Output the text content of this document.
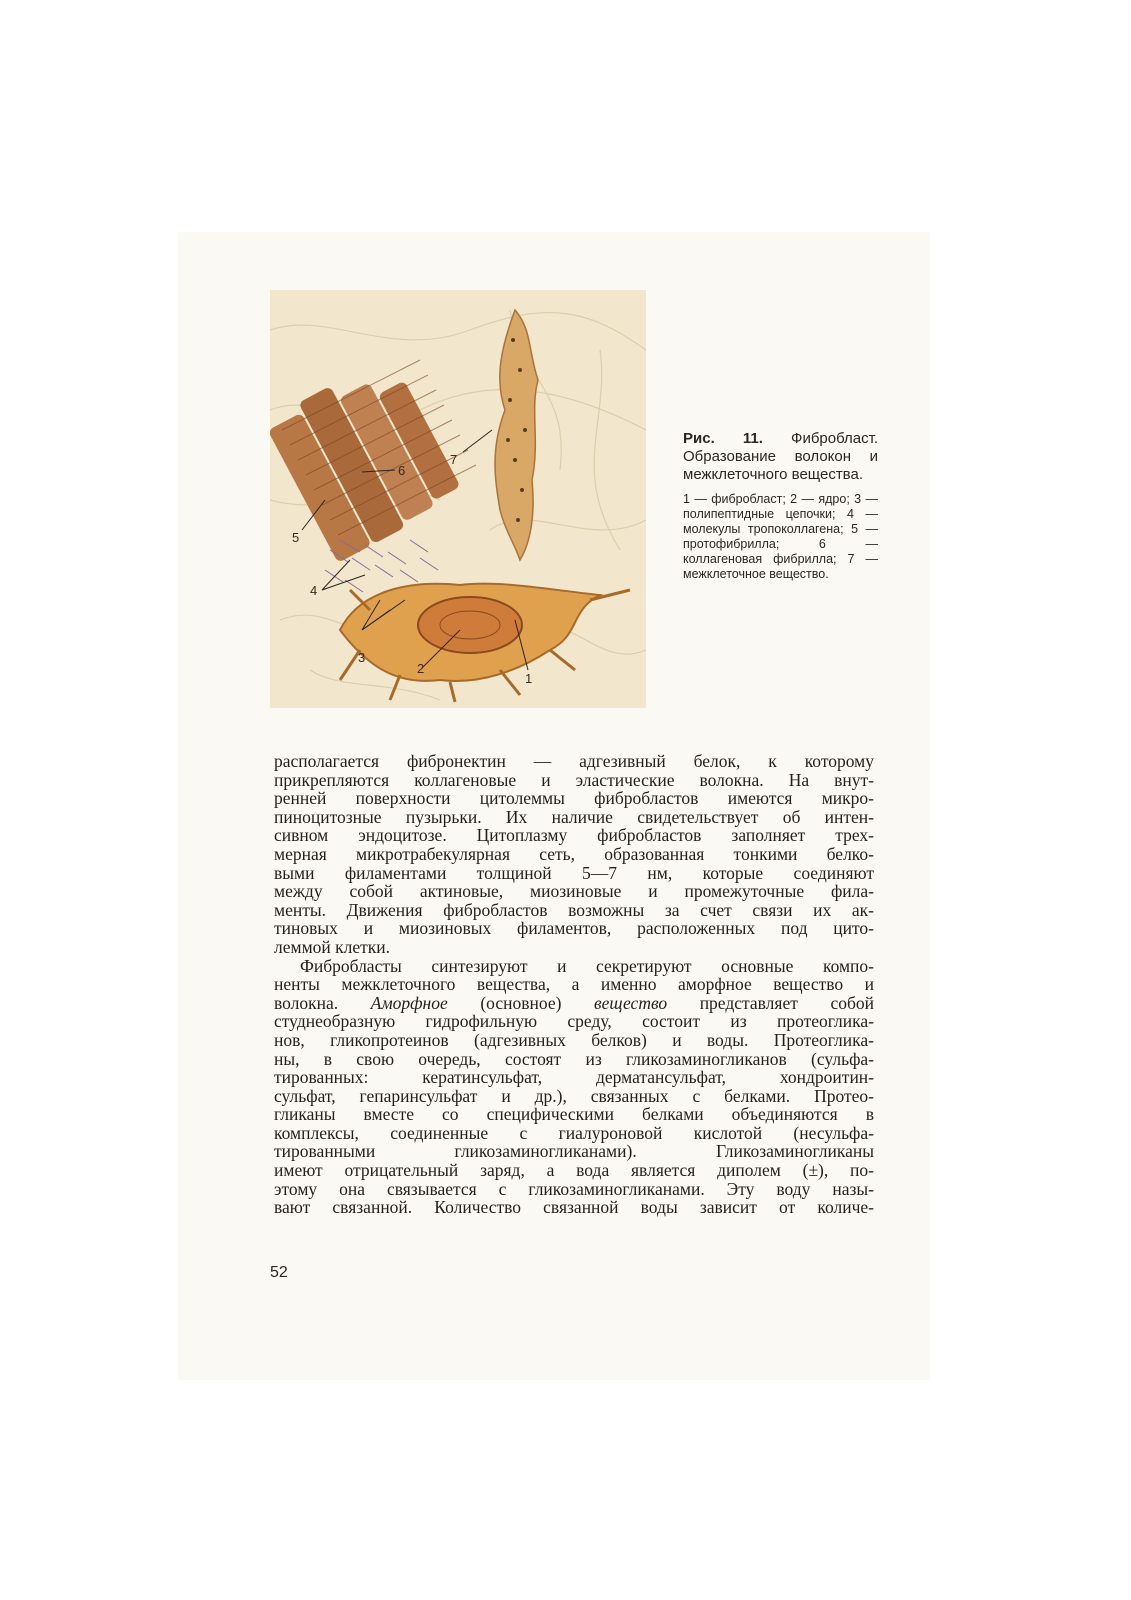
1
2
3
4
5
6
7
Рис. 11. Фибробласт. Образование волокон и межклеточного вещества.
1 — фибробласт; 2 — ядро; 3 — полипептидные цепочки; 4 — молекулы тропоколлагена; 5 — протофибрилла; 6 — коллагеновая фибрилла; 7 — межклеточное вещество.
располагается фибронектин — адгезивный белок, к которому
прикрепляются коллагеновые и эластические волокна. На внут-
ренней поверхности цитолеммы фибробластов имеются микро-
пиноцитозные пузырьки. Их наличие свидетельствует об интен-
сивном эндоцитозе. Цитоплазму фибробластов заполняет трех-
мерная микротрабекулярная сеть, образованная тонкими белко-
выми филаментами толщиной 5—7 нм, которые соединяют
между собой актиновые, миозиновые и промежуточные фила-
менты. Движения фибробластов возможны за счет связи их ак-
тиновых и миозиновых филаментов, расположенных под цито-
леммой клетки.
Фибробласты синтезируют и секретируют основные компо-
ненты межклеточного вещества, а именно аморфное вещество и
волокна. Аморфное (основное) вещество представляет собой
студнеобразную гидрофильную среду, состоит из протеоглика-
нов, гликопротеинов (адгезивных белков) и воды. Протеоглика-
ны, в свою очередь, состоят из гликозаминогликанов (сульфа-
тированных: кератинсульфат, дерматансульфат, хондроитин-
сульфат, гепаринсульфат и др.), связанных с белками. Протео-
гликаны вместе со специфическими белками объединяются в
комплексы, соединенные с гиалуроновой кислотой (несульфа-
тированными гликозаминогликанами). Гликозаминогликаны
имеют отрицательный заряд, а вода является диполем (±), по-
этому она связывается с гликозаминогликанами. Эту воду назы-
вают связанной. Количество связанной воды зависит от количе-
52
